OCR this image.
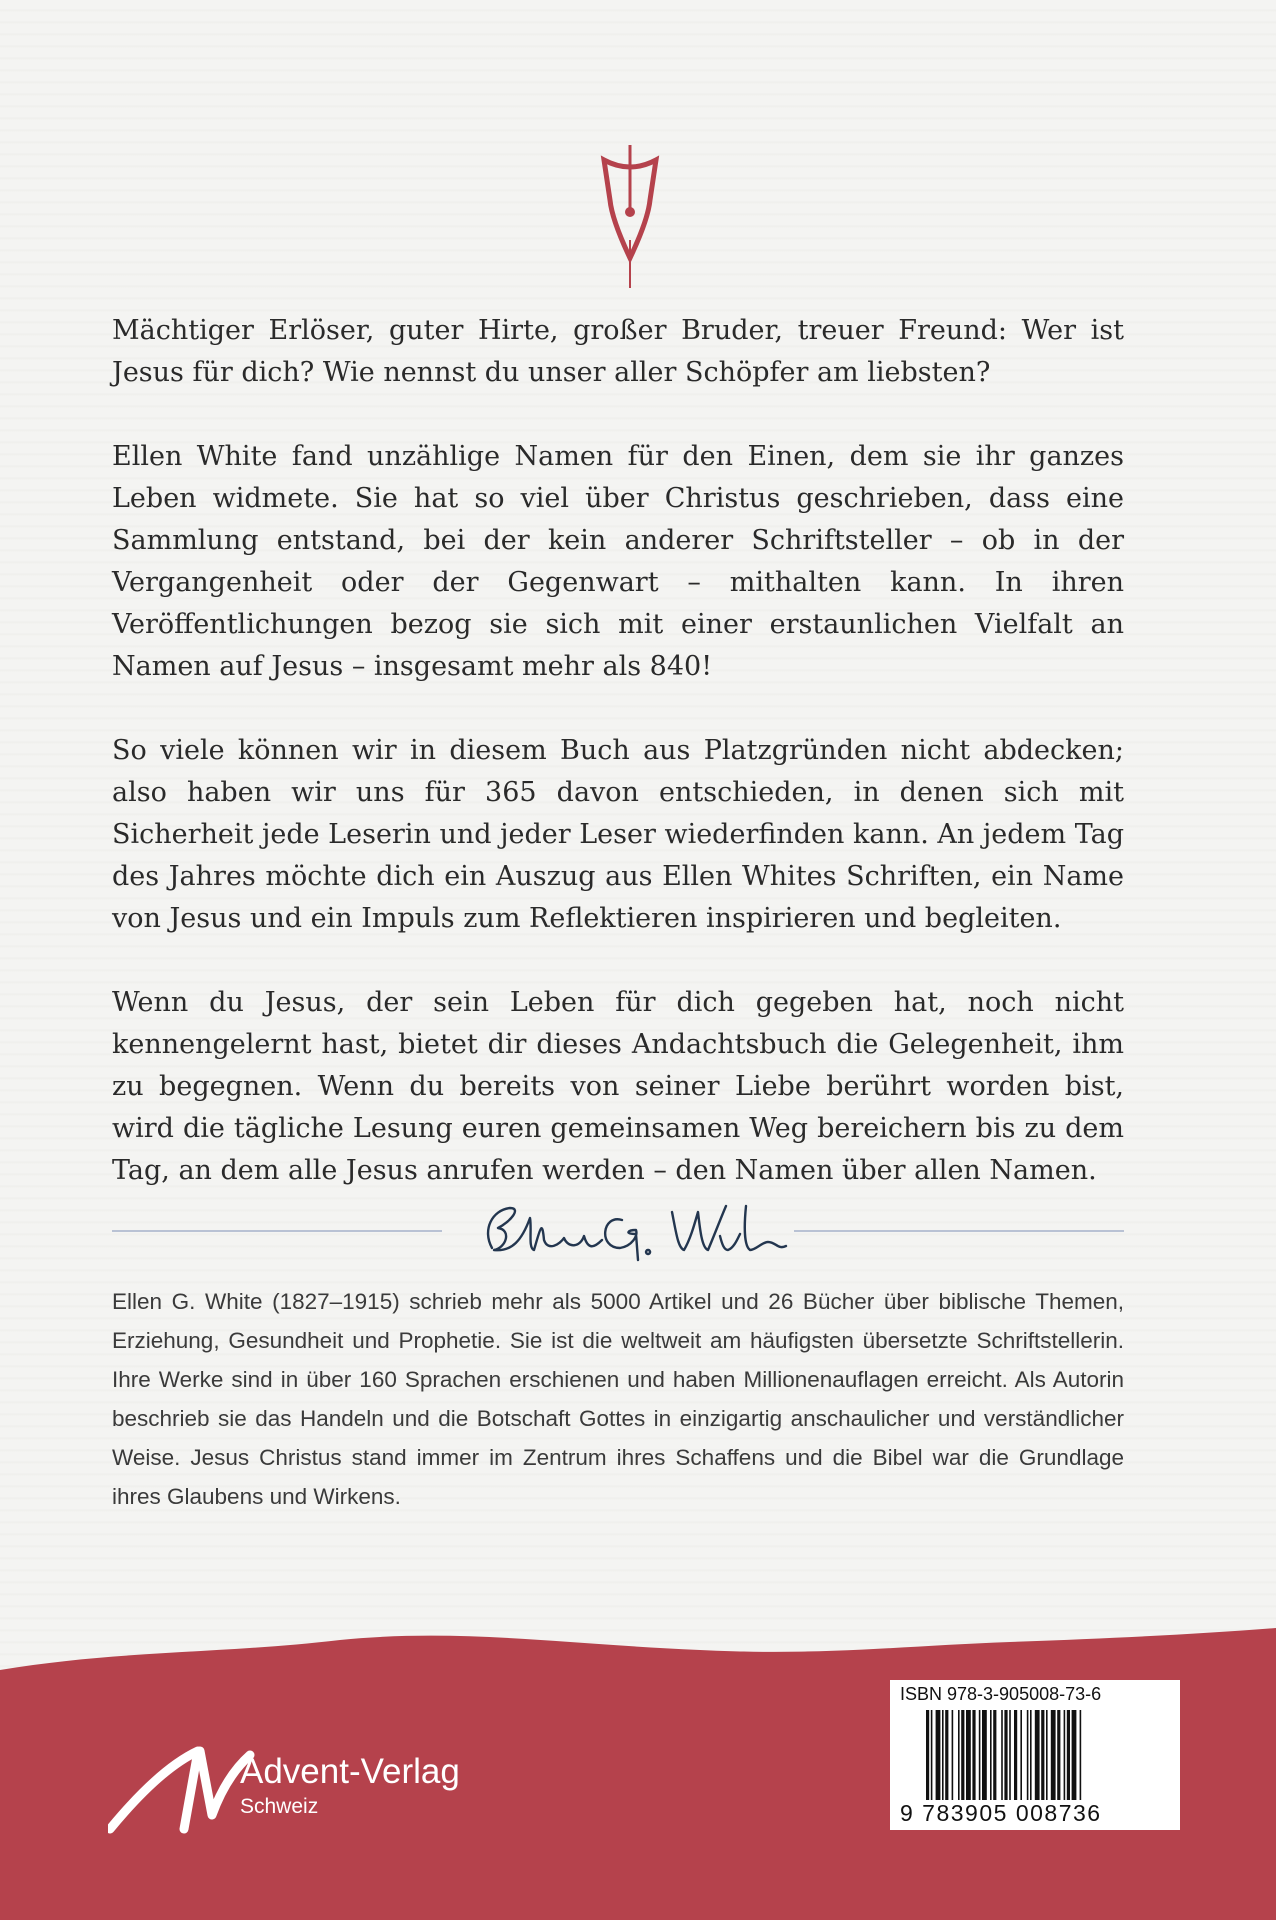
Mächtiger Erlöser, guter Hirte, großer Bruder, treuer Freund: Wer ist Jesus für dich? Wie nennst du unser aller Schöpfer am liebsten?

Ellen White fand unzählige Namen für den Einen, dem sie ihr ganzes Leben widmete. Sie hat so viel über Christus geschrieben, dass eine Sammlung entstand, bei der kein anderer Schriftsteller – ob in der Vergangenheit oder der Gegenwart – mithalten kann. In ihren Veröffentlichungen bezog sie sich mit einer erstaunlichen Vielfalt an Namen auf Jesus – insgesamt mehr als 840!

So viele können wir in diesem Buch aus Platzgründen nicht abdecken; also haben wir uns für 365 davon entschieden, in denen sich mit Sicherheit jede Leserin und jeder Leser wiederfinden kann. An jedem Tag des Jahres möchte dich ein Auszug aus Ellen Whites Schriften, ein Name von Jesus und ein Impuls zum Reflektieren inspirieren und begleiten.

Wenn du Jesus, der sein Leben für dich gegeben hat, noch nicht kennengelernt hast, bietet dir dieses Andachtsbuch die Gelegenheit, ihm zu begegnen. Wenn du bereits von seiner Liebe berührt worden bist, wird die tägliche Lesung euren gemeinsamen Weg bereichern bis zu dem Tag, an dem alle Jesus anrufen werden – den Namen über allen Namen.

Ellen G. White (1827–1915) schrieb mehr als 5000 Artikel und 26 Bücher über biblische Themen, Erziehung, Gesundheit und Prophetie. Sie ist die weltweit am häufigsten übersetzte Schriftstellerin. Ihre Werke sind in über 160 Sprachen erschienen und haben Millionenauflagen erreicht. Als Autorin beschrieb sie das Handeln und die Botschaft Gottes in einzigartig anschaulicher und verständlicher Weise. Jesus Christus stand immer im Zentrum ihres Schaffens und die Bibel war die Grundlage ihres Glaubens und Wirkens.
Advent-Verlag
Schweiz
ISBN 978-3-905008-73-6
9 783905 008736
